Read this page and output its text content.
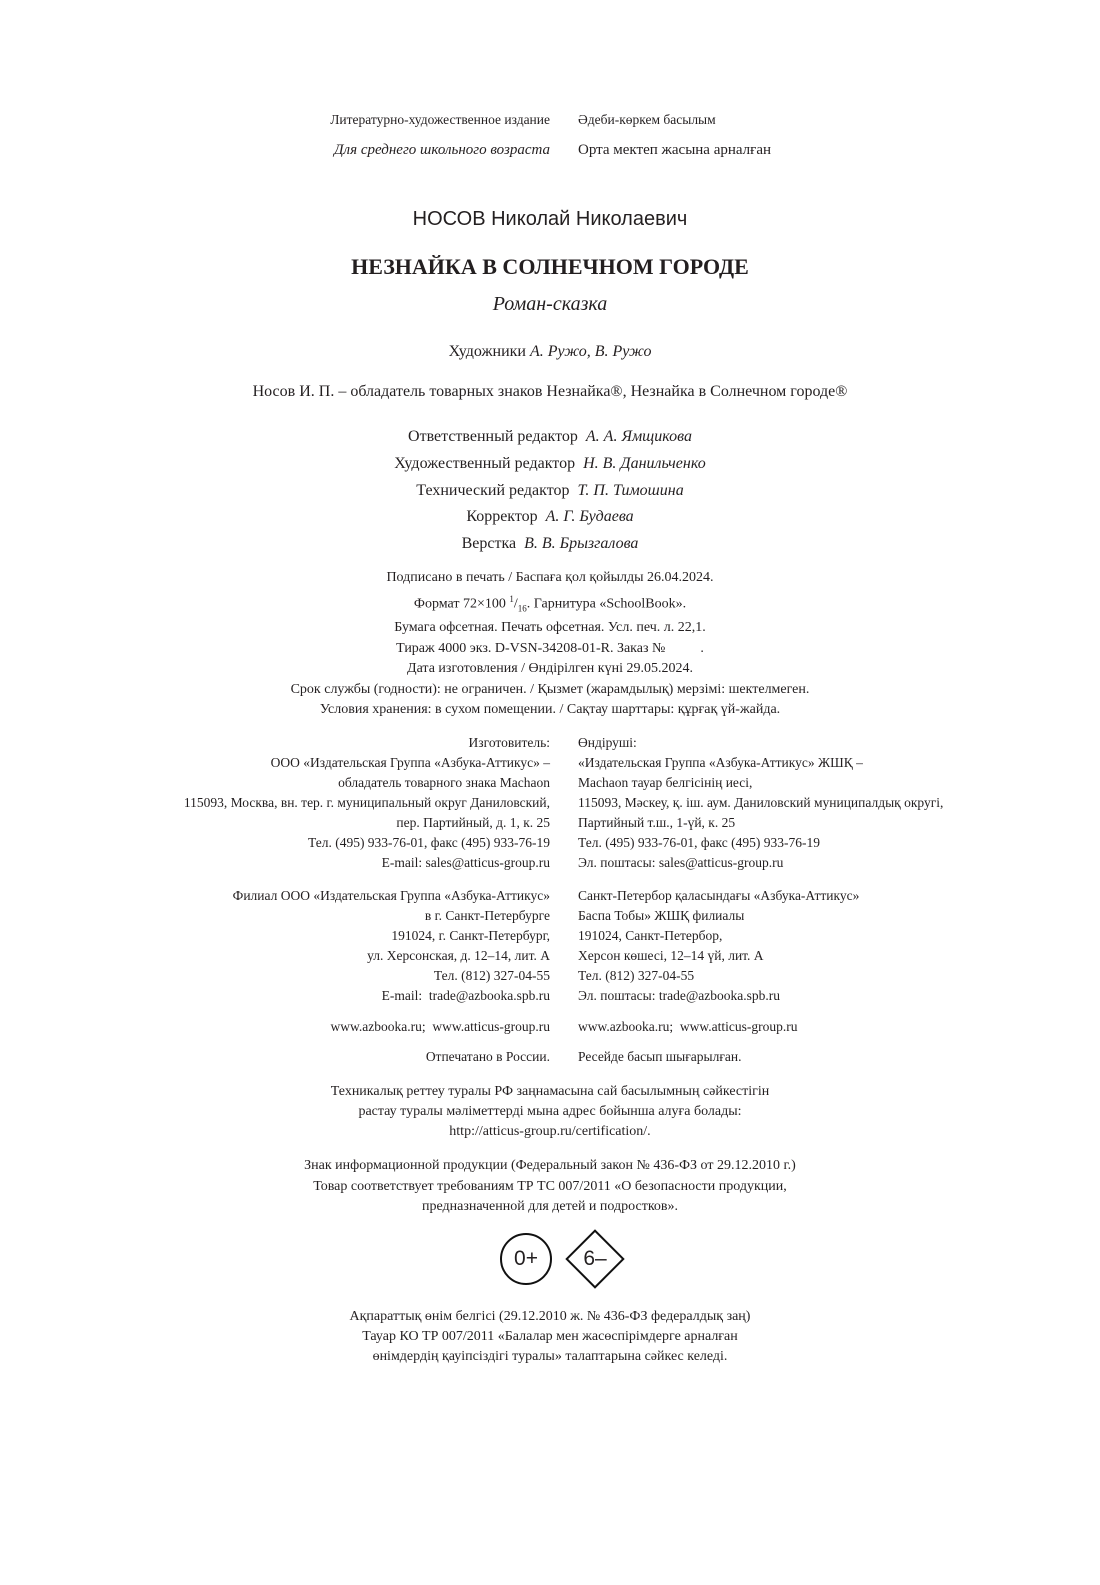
Литературно-художественное издание Әдеби-көркем басылым
Для среднего школьного возраста Орта мектеп жасына арналған
НОСОВ Николай Николаевич
НЕЗНАЙКА В СОЛНЕЧНОМ ГОРОДЕ
Роман-сказка
Художники А. Ружо, В. Ружо
Носов И. П. – обладатель товарных знаков Незнайка®, Незнайка в Солнечном городе®
Ответственный редактор А. А. Ямщикова
Художественный редактор Н. В. Данильченко
Технический редактор Т. П. Тимошина
Корректор А. Г. Будаева
Верстка В. В. Брызгалова
Подписано в печать / Баспаға қол қойылды 26.04.2024.
Формат 72×100 $^1/_{16}$. Гарнитура «SchoolBook».
Бумага офсетная. Печать офсетная. Усл. печ. л. 22,1.
Тираж 4000 экз. D-VSN-34208-01-R. Заказ №          .
Дата изготовления / Өндірілген күні 29.05.2024.
Срок службы (годности): не ограничен. / Қызмет (жарамдылық) мерзімі: шектелмеген.
Условия хранения: в сухом помещении. / Сақтау шарттары: құрғақ үй-жайда.
Изготовитель: Өндіруші:
ООО «Издательская Группа «Азбука-Аттикус» – «Издательская Группа «Азбука-Аттикус» ЖШҚ –
обладатель товарного знака Machaon Machaon тауар белгісінің иесі,
115093, Москва, вн. тер. г. муниципальный округ Даниловский, 115093, Мәскеу, қ. іш. аум. Даниловский муниципалдық округі,
пер. Партийный, д. 1, к. 25 Партийный т.ш., 1-үй, к. 25
Тел. (495) 933-76-01, факс (495) 933-76-19 Тел. (495) 933-76-01, факс (495) 933-76-19
E-mail: sales@atticus-group.ru Эл. поштасы: sales@atticus-group.ru
Филиал ООО «Издательская Группа «Азбука-Аттикус» Санкт-Петербор қаласындағы «Азбука-Аттикус»
в г. Санкт-Петербурге Баспа Тобы» ЖШҚ филиалы
191024, г. Санкт-Петербург, 191024, Санкт-Петербор,
ул. Херсонская, д. 12–14, лит. А Херсон көшесі, 12–14 үй, лит. А
Тел. (812) 327-04-55 Тел. (812) 327-04-55
E-mail:  trade@azbooka.spb.ru Эл. поштасы: trade@azbooka.spb.ru
www.azbooka.ru;  www.atticus-group.ru www.azbooka.ru;  www.atticus-group.ru
Отпечатано в России. Ресейде басып шығарылған.
Техникалық реттеу туралы РФ заңнамасына сай басылымның сәйкестігін
растау туралы мәліметтерді мына адрес бойынша алуға болады:
http://atticus-group.ru/certification/.
Знак информационной продукции (Федеральный закон № 436-ФЗ от 29.12.2010 г.)
Товар соответствует требованиям ТР ТС 007/2011 «О безопасности продукции,
предназначенной для детей и подростков».
0+	6–
Ақпараттық өнім белгісі (29.12.2010 ж. № 436-ФЗ федералдық заң)
Тауар КО ТР 007/2011 «Балалар мен жасөспірімдерге арналған
өнімдердің қауіпсіздігі туралы» талаптарына сәйкес келеді.
